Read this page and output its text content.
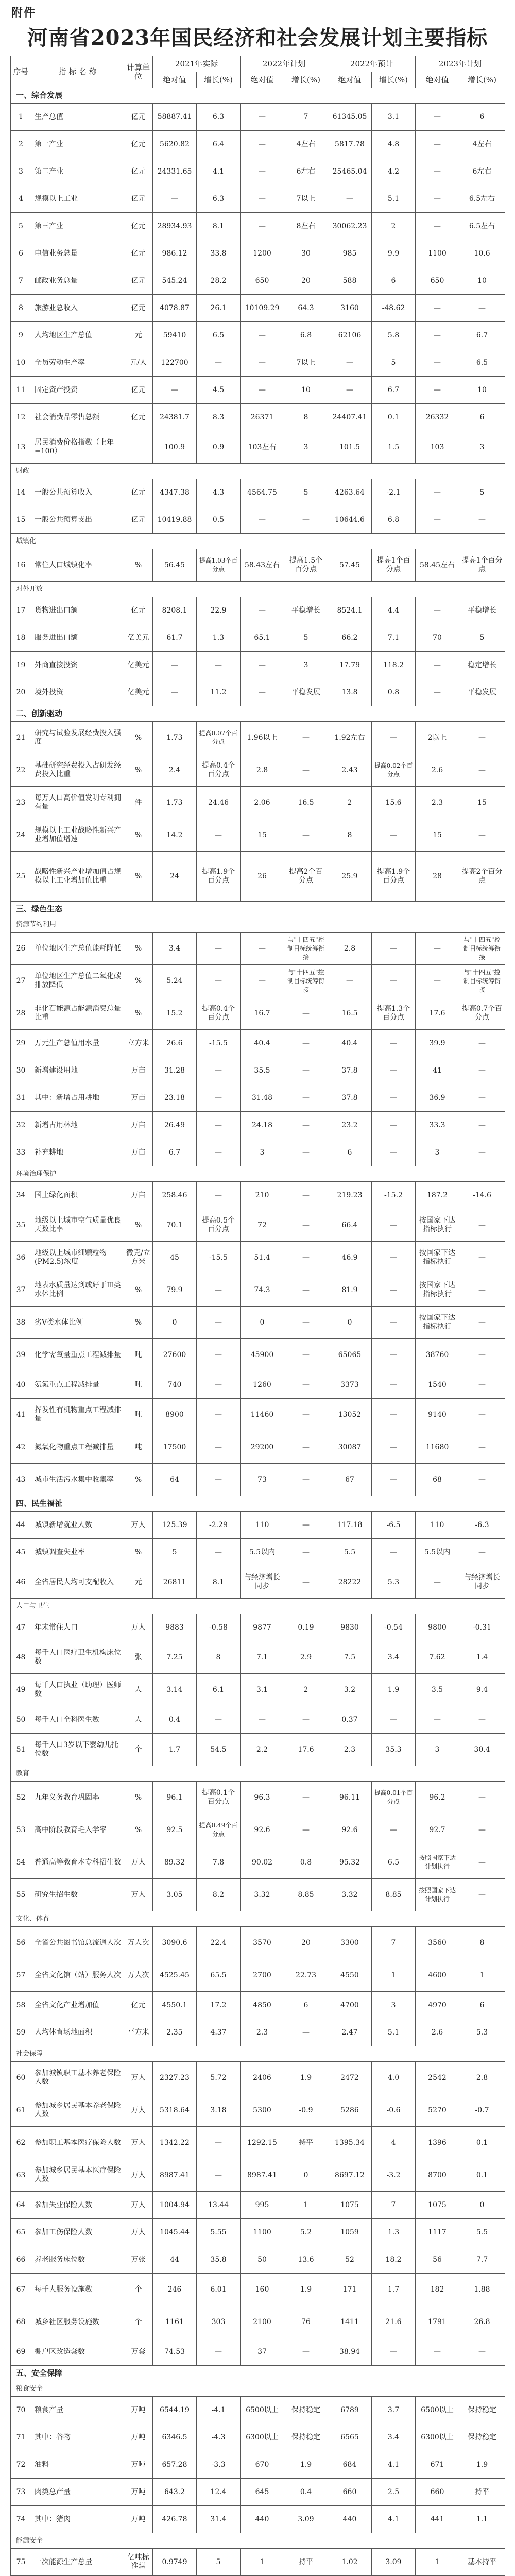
附件
河南省2023年国民经济和社会发展计划主要指标
序号	指 标 名 称	计算单位	2021年实际		2022年计划		2022年预计		2023年计划	
			绝对值	增长(%)	绝对值	增长(%)	绝对值	增长(%)	绝对值	增长(%)
一、综合发展										
1	生产总值	亿元	58887.41	6.3	—	7	61345.05	3.1	—	6
2	第一产业	亿元	5620.82	6.4	—	4左右	5817.78	4.8	—	4左右
3	第二产业	亿元	24331.65	4.1	—	6左右	25465.04	4.2	—	6左右
4	规模以上工业	亿元	—	6.3	—	7以上	—	5.1	—	6.5左右
5	第三产业	亿元	28934.93	8.1	—	8左右	30062.23	2	—	6.5左右
6	电信业务总量	亿元	986.12	33.8	1200	30	985	9.9	1100	10.6
7	邮政业务总量	亿元	545.24	28.2	650	20	588	6	650	10
8	旅游业总收入	亿元	4078.87	26.1	10109.29	64.3	3160	-48.62	—	—
9	人均地区生产总值	元	59410	6.5	—	6.8	62106	5.8	—	6.7
10	全员劳动生产率	元/人	122700	—	—	7以上	—	5	—	6.5
11	固定资产投资	亿元	—	4.5	—	10	—	6.7	—	10
12	社会消费品零售总额	亿元	24381.7	8.3	26371	8	24407.41	0.1	26332	6
13	居民消费价格指数（上年=100）		100.9	0.9	103左右	3	101.5	1.5	103	3
财政										
14	一般公共预算收入	亿元	4347.38	4.3	4564.75	5	4263.64	-2.1	—	5
15	一般公共预算支出	亿元	10419.88	0.5	—	—	10644.6	6.8	—	—
城镇化										
16	常住人口城镇化率	%	56.45	提高1.03个百分点	58.43左右	提高1.5个百分点	57.45	提高1个百分点	58.45左右	提高1个百分点
对外开放										
17	货物进出口额	亿元	8208.1	22.9	—	平稳增长	8524.1	4.4	—	平稳增长
18	服务进出口额	亿美元	61.7	1.3	65.1	5	66.2	7.1	70	5
19	外商直接投资	亿美元	—	—	—	3	17.79	118.2	—	稳定增长
20	境外投资	亿美元	—	11.2	—	平稳发展	13.8	0.8	—	平稳发展
二、创新驱动										
21	研究与试验发展经费投入强度	%	1.73	提高0.07个百分点	1.96以上	—	1.92左右	—	2以上	—
22	基础研究经费投入占研发经费投入比重	%	2.4	提高0.4个百分点	2.8	—	2.43	提高0.02个百分点	2.6	—
23	每万人口高价值发明专利拥有量	件	1.73	24.46	2.06	16.5	2	15.6	2.3	15
24	规模以上工业战略性新兴产业增加值增速	%	14.2	—	15	—	8	—	15	—
25	战略性新兴产业增加值占规模以上工业增加值比重	%	24	提高1.9个百分点	26	提高2个百分点	25.9	提高1.9个百分点	28	提高2个百分点
三、绿色生态										
资源节约利用										
26	单位地区生产总值能耗降低	%	3.4	—	—	与"十四五"控制目标统筹衔接	2.8	—	—	与"十四五"控制目标统筹衔接
27	单位地区生产总值二氧化碳排放降低	%	5.24	—	—	与"十四五"控制目标统筹衔接	—	—	—	与"十四五"控制目标统筹衔接
28	非化石能源占能源消费总量比重	%	15.2	提高0.4个百分点	16.7	—	16.5	提高1.3个百分点	17.6	提高0.7个百分点
29	万元生产总值用水量	立方米	26.6	-15.5	40.4	—	40.4	—	39.9	—
30	新增建设用地	万亩	31.28	—	35.5	—	37.8	—	41	—
31	其中：新增占用耕地	万亩	23.18	—	31.48	—	37.8	—	36.9	—
32	新增占用林地	万亩	26.49	—	24.18	—	23.2	—	33.3	—
33	补充耕地	万亩	6.7	—	3	—	6	—	3	—
环境治理保护										
34	国土绿化面积	万亩	258.46	—	210	—	219.23	-15.2	187.2	-14.6
35	地级以上城市空气质量优良天数比率	%	70.1	提高0.5个百分点	72	—	66.4	—	按国家下达指标执行	—
36	地级以上城市细颗粒物(PM2.5)浓度	微克/立方米	45	-15.5	51.4	—	46.9	—	按国家下达指标执行	—
37	地表水质量达到或好于Ⅲ类水体比例	%	79.9	—	74.3	—	81.9	—	按国家下达指标执行	—
38	劣Ⅴ类水体比例	%	0	—	0	—	0	—	按国家下达指标执行	—
39	化学需氧量重点工程减排量	吨	27600	—	45900	—	65065	—	38760	—
40	氨氮重点工程减排量	吨	740	—	1260	—	3373	—	1540	—
41	挥发性有机物重点工程减排量	吨	8900	—	11460	—	13052	—	9140	—
42	氮氧化物重点工程减排量	吨	17500	—	29200	—	30087	—	11680	—
43	城市生活污水集中收集率	%	64	—	73	—	67	—	68	—
四、民生福祉										
44	城镇新增就业人数	万人	125.39	-2.29	110	—	117.18	-6.5	110	-6.3
45	城镇调查失业率	%	5	—	5.5以内	—	5.5	—	5.5以内	—
46	全省居民人均可支配收入	元	26811	8.1	与经济增长同步	—	28222	5.3	—	与经济增长同步
人口与卫生										
47	年末常住人口	万人	9883	-0.58	9877	0.19	9830	-0.54	9800	-0.31
48	每千人口医疗卫生机构床位数	张	7.25	8	7.1	2.9	7.5	3.4	7.62	1.4
49	每千人口执业（助理）医师数	人	3.14	6.1	3.1	2	3.2	1.9	3.5	9.4
50	每千人口全科医生数	人	0.4	—	—	—	0.37	—	—	—
51	每千人口3岁以下婴幼儿托位数	个	1.7	54.5	2.2	17.6	2.3	35.3	3	30.4
教育										
52	九年义务教育巩固率	%	96.1	提高0.1个百分点	96.3	—	96.11	提高0.01个百分点	96.2	—
53	高中阶段教育毛入学率	%	92.5	提高0.49个百分点	92.6	—	92.6	—	92.7	—
54	普通高等教育本专科招生数	万人	89.32	7.8	90.02	0.8	95.32	6.5	按照国家下达计划执行	—
55	研究生招生数	万人	3.05	8.2	3.32	8.85	3.32	8.85	按照国家下达计划执行	—
文化、体育										
56	全省公共图书馆总流通人次	万人次	3090.6	22.4	3570	20	3300	7	3560	8
57	全省文化馆（站）服务人次	万人次	4525.45	65.5	2700	22.73	4550	1	4600	1
58	全省文化产业增加值	亿元	4550.1	17.2	4850	6	4700	3	4970	6
59	人均体育场地面积	平方米	2.35	4.37	2.3	—	2.47	5.1	2.6	5.3
社会保障										
60	参加城镇职工基本养老保险人数	万人	2327.23	5.72	2406	1.9	2472	4.0	2542	2.8
61	参加城乡居民基本养老保险人数	万人	5318.64	3.18	5300	-0.9	5286	-0.6	5270	-0.7
62	参加职工基本医疗保险人数	万人	1342.22	—	1292.15	持平	1395.34	4	1396	0.1
63	参加城乡居民基本医疗保险人数	万人	8987.41	—	8987.41	0	8697.12	-3.2	8700	0.1
64	参加失业保险人数	万人	1004.94	13.44	995	1	1075	7	1075	0
65	参加工伤保险人数	万人	1045.44	5.55	1100	5.2	1059	1.3	1117	5.5
66	养老服务床位数	万张	44	35.8	50	13.6	52	18.2	56	7.7
67	每千人服务设施数	个	246	6.01	160	1.9	171	1.7	182	1.88
68	城乡社区服务设施数	个	1161	303	2100	76	1411	21.6	1791	26.8
69	棚户区改造套数	万套	74.53	—	37	—	38.94	—	—	—
五、安全保障										
粮食安全										
70	粮食产量	万吨	6544.19	-4.1	6500以上	保持稳定	6789	3.7	6500以上	保持稳定
71	其中：谷物	万吨	6346.5	-4.3	6300以上	保持稳定	6565	3.4	6300以上	保持稳定
72	油料	万吨	657.28	-3.3	670	1.9	684	4.1	671	1.9
73	肉类总产量	万吨	643.2	12.4	645	0.4	660	2.5	660	持平
74	其中：猪肉	万吨	426.78	31.4	440	3.09	440	4.1	441	1.1
能源安全										
75	一次能源生产总量	亿吨标准煤	0.9749	5	1	持平	1.02	3.09	1	基本持平
